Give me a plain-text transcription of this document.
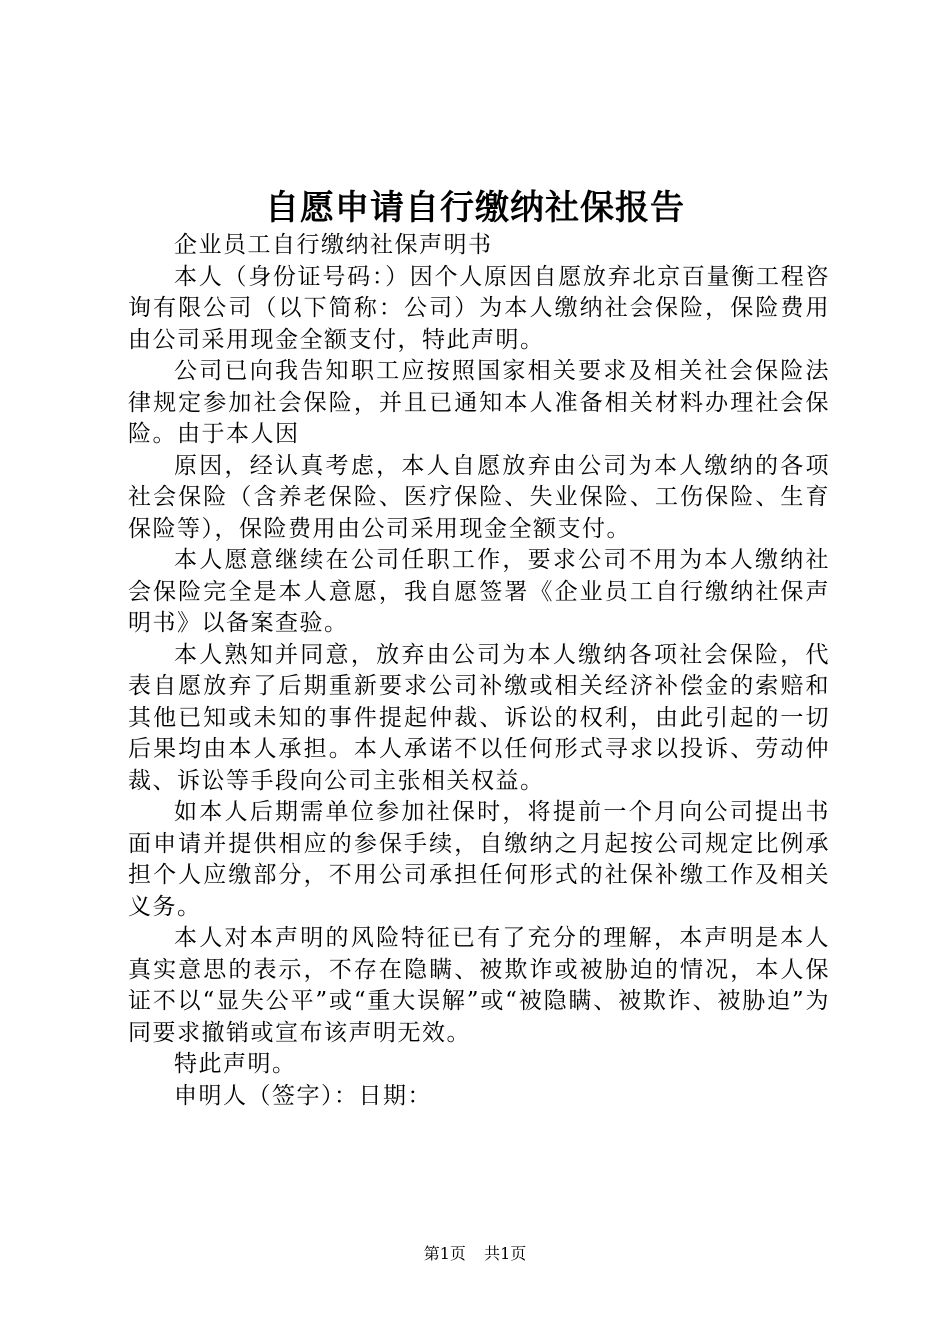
自愿申请自行缴纳社保报告

企业员工自行缴纳社保声明书

本人（身份证号码：）因个人原因自愿放弃北京百量衡工程咨询有限公司（以下简称：公司）为本人缴纳社会保险，保险费用由公司采用现金全额支付，特此声明。

公司已向我告知职工应按照国家相关要求及相关社会保险法律规定参加社会保险，并且已通知本人准备相关材料办理社会保险。由于本人因

原因，经认真考虑，本人自愿放弃由公司为本人缴纳的各项社会保险（含养老保险、医疗保险、失业保险、工伤保险、生育保险等），保险费用由公司采用现金全额支付。

本人愿意继续在公司任职工作，要求公司不用为本人缴纳社会保险完全是本人意愿，我自愿签署《企业员工自行缴纳社保声明书》以备案查验。

本人熟知并同意，放弃由公司为本人缴纳各项社会保险，代表自愿放弃了后期重新要求公司补缴或相关经济补偿金的索赔和其他已知或未知的事件提起仲裁、诉讼的权利，由此引起的一切后果均由本人承担。本人承诺不以任何形式寻求以投诉、劳动仲裁、诉讼等手段向公司主张相关权益。

如本人后期需单位参加社保时，将提前一个月向公司提出书面申请并提供相应的参保手续，自缴纳之月起按公司规定比例承担个人应缴部分，不用公司承担任何形式的社保补缴工作及相关义务。

本人对本声明的风险特征已有了充分的理解，本声明是本人真实意思的表示，不存在隐瞒、被欺诈或被胁迫的情况，本人保证不以“显失公平”或“重大误解”或“被隐瞒、被欺诈、被胁迫”为同要求撤销或宣布该声明无效。

特此声明。

申明人（签字）：日期：

第1页 共1页
